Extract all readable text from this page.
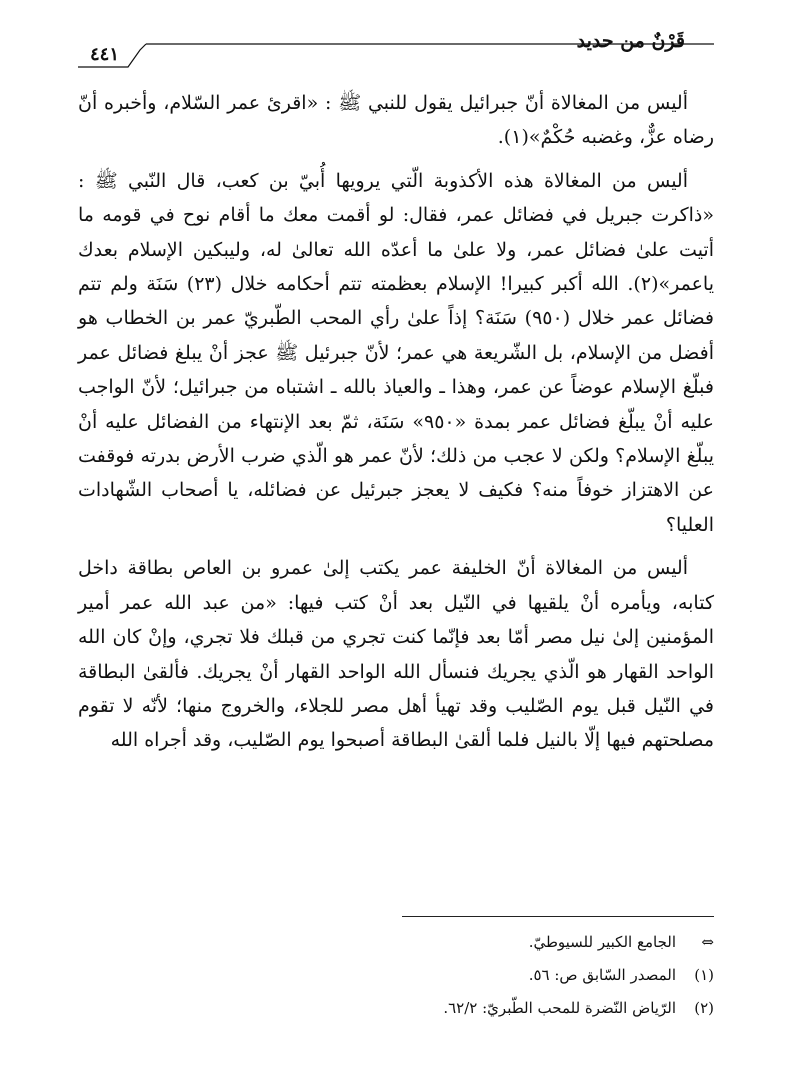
قَرْنٌ من حديد
٤٤١

أليس من المغالاة أنّ جبرائيل يقول للنبي ﷺ : «اقرئ عمر السّلام، وأخبره أنّ رضاه عزٌّ، وغضبه حُكْمٌ»(١).

أليس من المغالاة هذه الأكذوبة الّتي يرويها أُبيّ بن كعب، قال النّبي ﷺ : «ذاكرت جبريل في فضائل عمر، فقال: لو أقمت معك ما أقام نوح في قومه ما أتيت علىٰ فضائل عمر، ولا علىٰ ما أعدّه الله تعالىٰ له، وليبكين الإسلام بعدك ياعمر»(٢). الله أكبر كبيرا! الإسلام بعظمته تتم أحكامه خلال (٢٣) سَنَة ولم تتم فضائل عمر خلال (٩٥٠) سَنَة؟ إذاً علىٰ رأي المحب الطّبريّ عمر بن الخطاب هو أفضل من الإسلام، بل الشّريعة هي عمر؛ لأنّ جبرئيل ﷺ عجز أنْ يبلغ فضائل عمر فبلّغ الإسلام عوضاً عن عمر، وهذا ـ والعياذ بالله ـ اشتباه من جبرائيل؛ لأنّ الواجب عليه أنْ يبلّغ فضائل عمر بمدة «٩٥٠» سَنَة، ثمّ بعد الإنتهاء من الفضائل عليه أنْ يبلّغ الإسلام؟ ولكن لا عجب من ذلك؛ لأنّ عمر هو الّذي ضرب الأرض بدرته فوقفت عن الاهتزاز خوفاً منه؟ فكيف لا يعجز جبرئيل عن فضائله، يا أصحاب الشّهادات العليا؟

أليس من المغالاة أنّ الخليفة عمر يكتب إلىٰ عمرو بن العاص بطاقة داخل كتابه، ويأمره أنْ يلقيها في النّيل بعد أنْ كتب فيها: «من عبد الله عمر أمير المؤمنين إلىٰ نيل مصر أمّا بعد فإنّما كنت تجري من قبلك فلا تجري، وإنْ كان الله الواحد القهار هو الّذي يجريك فنسأل الله الواحد القهار أنْ يجريك. فألقىٰ البطاقة في النّيل قبل يوم الصّليب وقد تهيأ أهل مصر للجلاء، والخروج منها؛ لأنّه لا تقوم مصلحتهم فيها إلّا بالنيل فلما ألقىٰ البطاقة أصبحوا يوم الصّليب، وقد أجراه الله

⇔الجامع الكبير للسيوطيّ.
(١)المصدر السّابق ص: ٥٦.
(٢)الرّياض النّضرة للمحب الطّبريّ: ٦٢/٢.
